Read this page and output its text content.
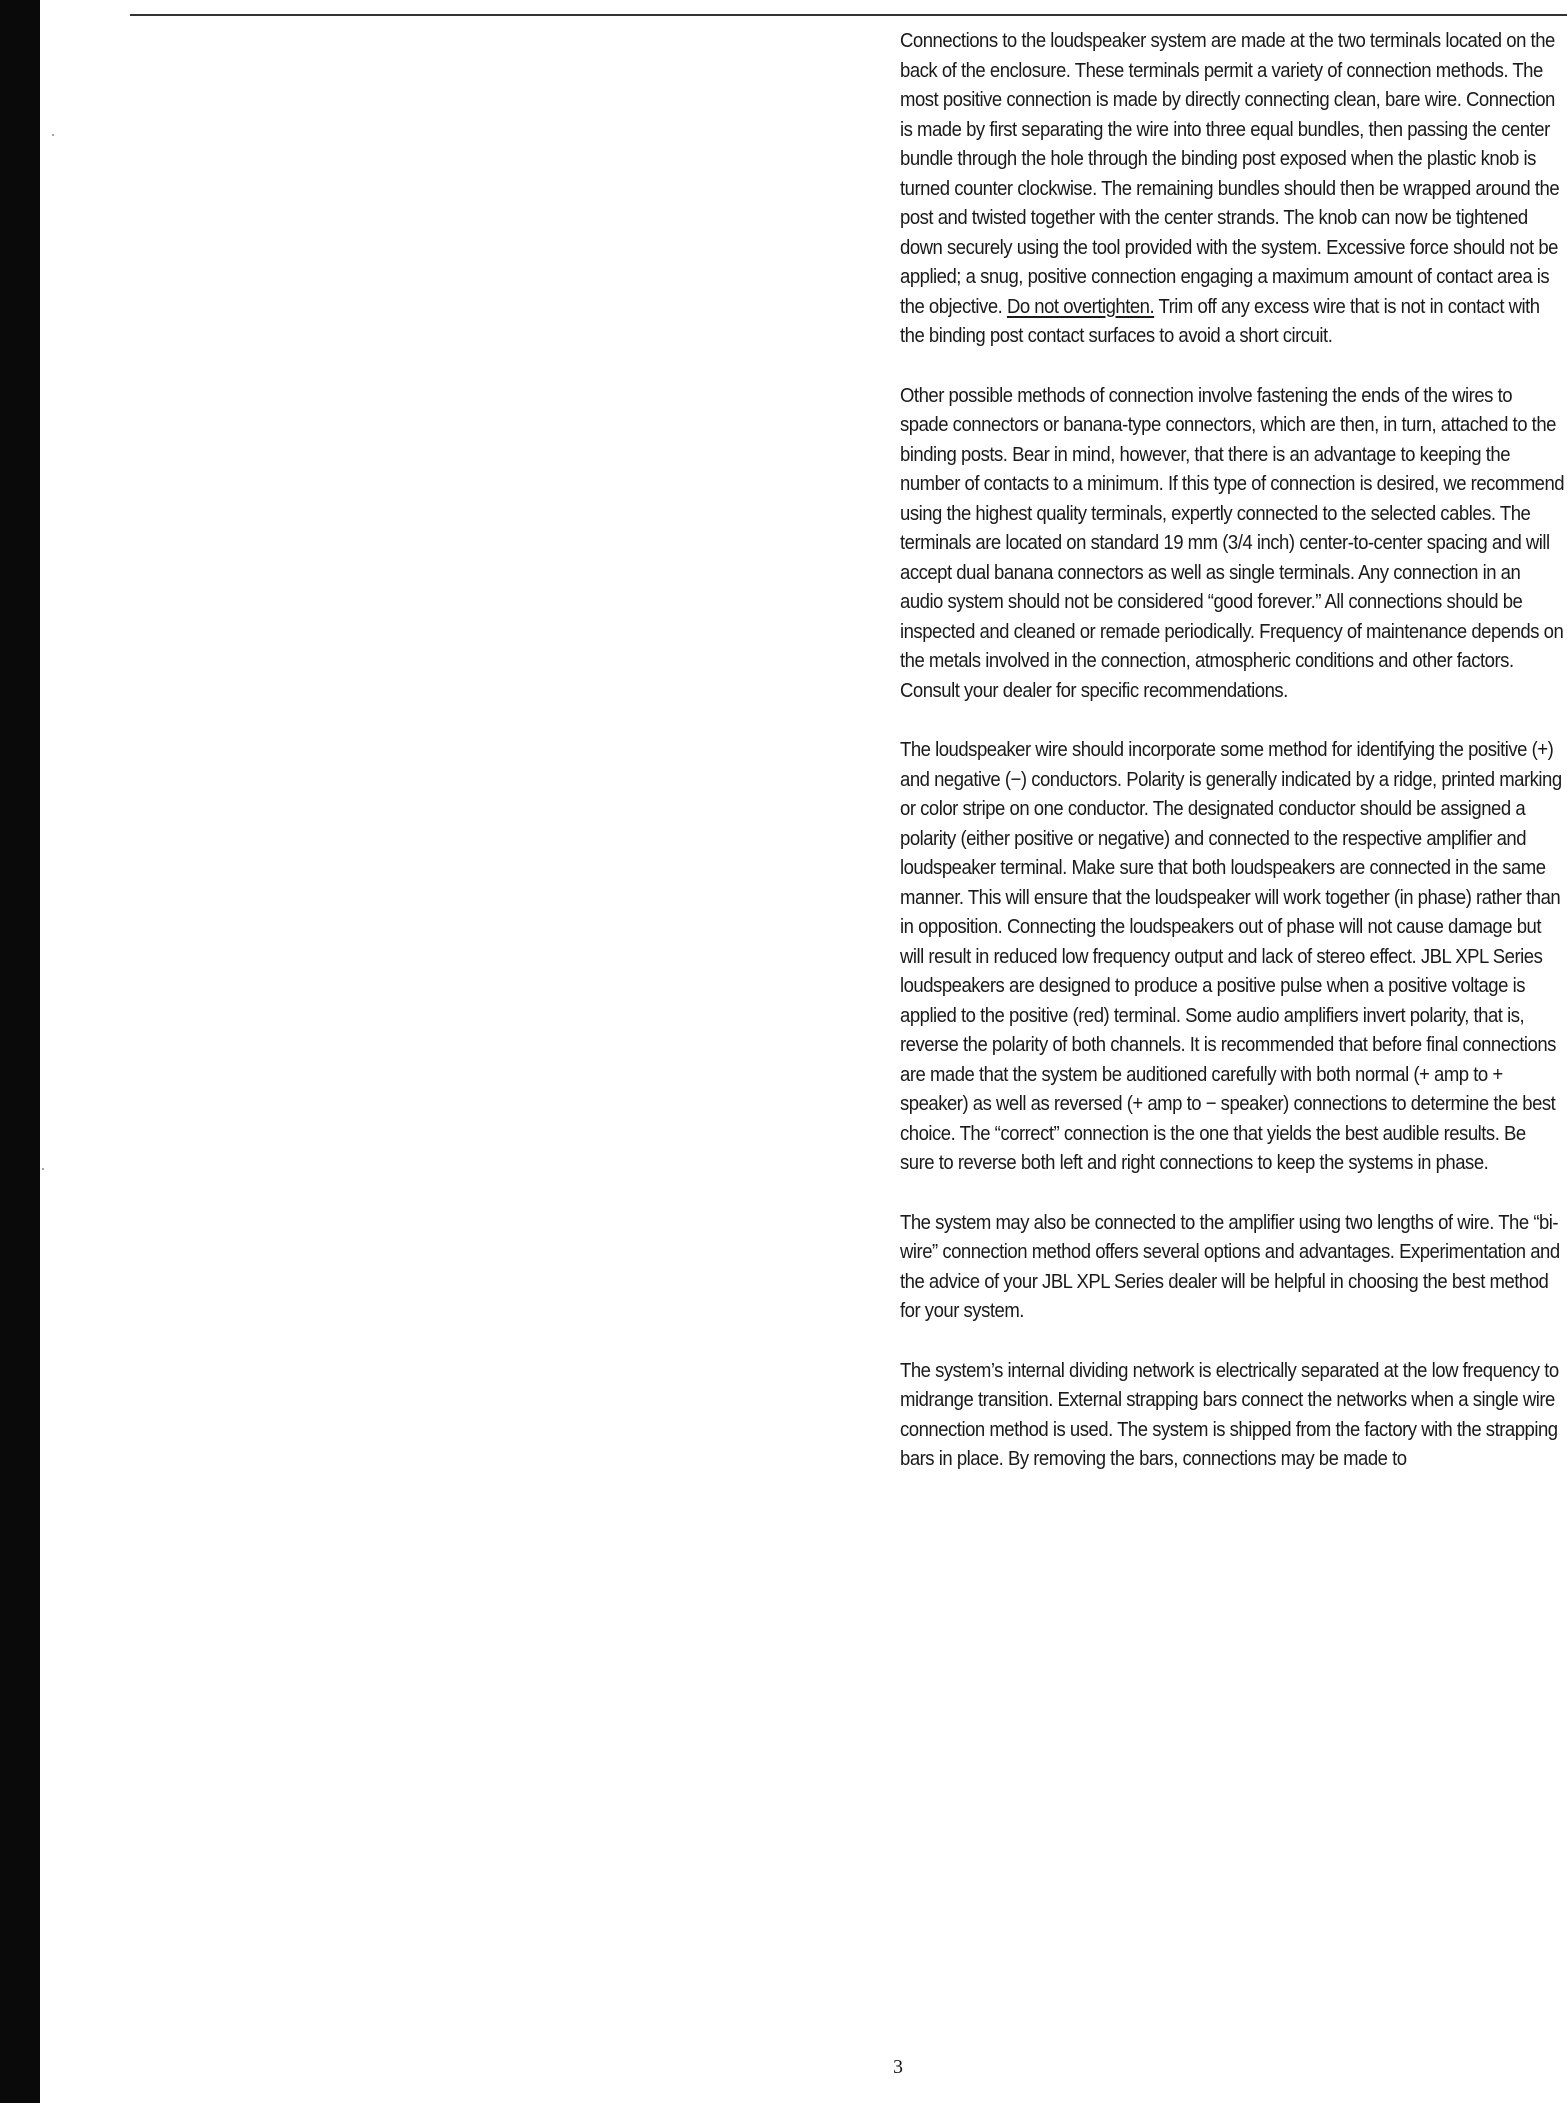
Connections to the loudspeaker system are made at the two terminals located on the back of the enclosure. These terminals permit a variety of connection methods. The most positive connection is made by directly connecting clean, bare wire. Connection is made by first separating the wire into three equal bundles, then passing the center bundle through the hole through the binding post exposed when the plastic knob is turned counter clockwise. The remaining bundles should then be wrapped around the post and twisted together with the center strands. The knob can now be tightened down securely using the tool provided with the system. Excessive force should not be applied; a snug, positive connection engaging a maximum amount of contact area is the objective. Do not overtighten. Trim off any excess wire that is not in contact with the binding post contact surfaces to avoid a short circuit.

Other possible methods of connection involve fastening the ends of the wires to spade connectors or banana-type connectors, which are then, in turn, attached to the binding posts. Bear in mind, however, that there is an advantage to keeping the number of contacts to a minimum. If this type of connection is desired, we recommend using the highest quality terminals, expertly connected to the selected cables. The terminals are located on standard 19 mm (3/4 inch) center-to-center spacing and will accept dual banana connectors as well as single terminals. Any connection in an audio system should not be considered “good forever.” All connections should be inspected and cleaned or remade periodically. Frequency of maintenance depends on the metals involved in the connection, atmospheric conditions and other factors. Consult your dealer for specific recommendations.

The loudspeaker wire should incorporate some method for identifying the positive (+) and negative (−) conductors. Polarity is generally indicated by a ridge, printed marking or color stripe on one conductor. The designated conductor should be assigned a polarity (either positive or negative) and connected to the respective amplifier and loudspeaker terminal. Make sure that both loudspeakers are connected in the same manner. This will ensure that the loudspeaker will work together (in phase) rather than in opposition. Connecting the loudspeakers out of phase will not cause damage but will result in reduced low frequency output and lack of stereo effect. JBL XPL Series loudspeakers are designed to produce a positive pulse when a positive voltage is applied to the positive (red) terminal. Some audio amplifiers invert polarity, that is, reverse the polarity of both channels. It is recommended that before final connections are made that the system be auditioned carefully with both normal (+ amp to + speaker) as well as reversed (+ amp to − speaker) connections to determine the best choice. The “correct” connection is the one that yields the best audible results. Be sure to reverse both left and right connections to keep the systems in phase.

The system may also be connected to the amplifier using two lengths of wire. The “bi-wire” connection method offers several options and advantages. Experimentation and the advice of your JBL XPL Series dealer will be helpful in choosing the best method for your system.

The system’s internal dividing network is electrically separated at the low frequency to midrange transition. External strapping bars connect the networks when a single wire connection method is used. The system is shipped from the factory with the strapping bars in place. By removing the bars, connections may be made to

3
